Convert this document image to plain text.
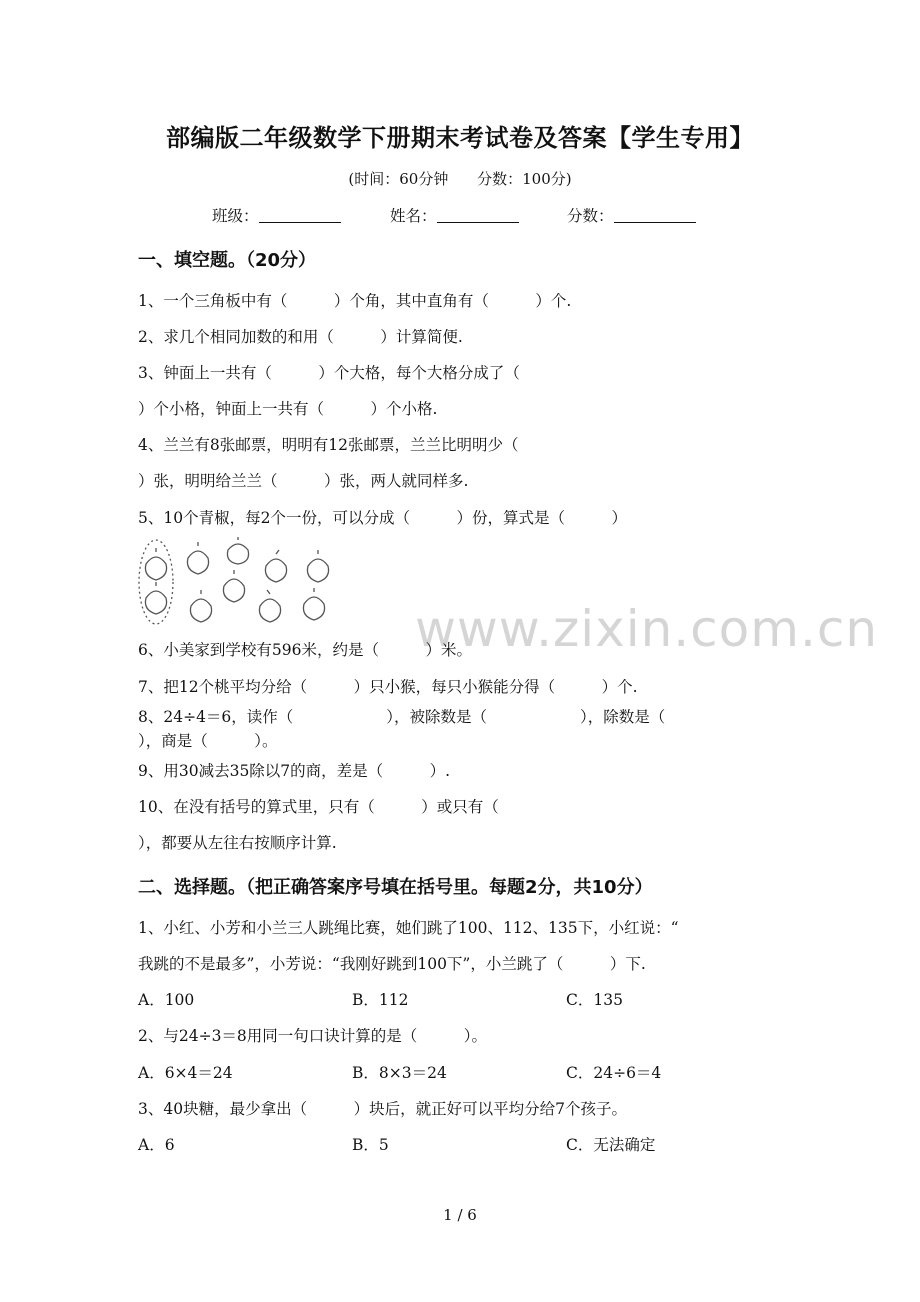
部编版二年级数学下册期末考试卷及答案【学生专用】
(时间：60分钟 分数：100分)
班级：	姓名：	分数：
一、填空题。（20分）
1、一个三角板中有（　　　）个角，其中直角有（　　　）个.
2、求几个相同加数的和用（　　　）计算简便.
3、钟面上一共有（　　　）个大格，每个大格分成了（
）个小格，钟面上一共有（　　　）个小格.
4、兰兰有8张邮票，明明有12张邮票，兰兰比明明少（
）张，明明给兰兰（　　　）张，两人就同样多.
5、10个青椒，每2个一份，可以分成（　　　）份，算式是（　　　）
www.zixin.com.cn
6、小美家到学校有596米，约是（　　　）米。
7、把12个桃平均分给（　　　）只小猴，每只小猴能分得（　　　）个.
8、24÷4＝6，读作（　　　　　　），被除数是（　　　　　　），除数是（
），商是（　　　）。
9、用30减去35除以7的商，差是（　　　）.
10、在没有括号的算式里，只有（　　　）或只有（
），都要从左往右按顺序计算.
二、选择题。（把正确答案序号填在括号里。每题2分，共10分）
1、小红、小芳和小兰三人跳绳比赛，她们跳了100、112、135下，小红说：“
我跳的不是最多”，小芳说：“我刚好跳到100下”，小兰跳了（　　　）下.
A．100	B．112	C．135
2、与24÷3＝8用同一句口诀计算的是（　　　）。
A．6×4＝24	B．8×3＝24	C．24÷6＝4
3、40块糖，最少拿出（　　　）块后，就正好可以平均分给7个孩子。
A．6	B．5	C．无法确定
1 / 6
